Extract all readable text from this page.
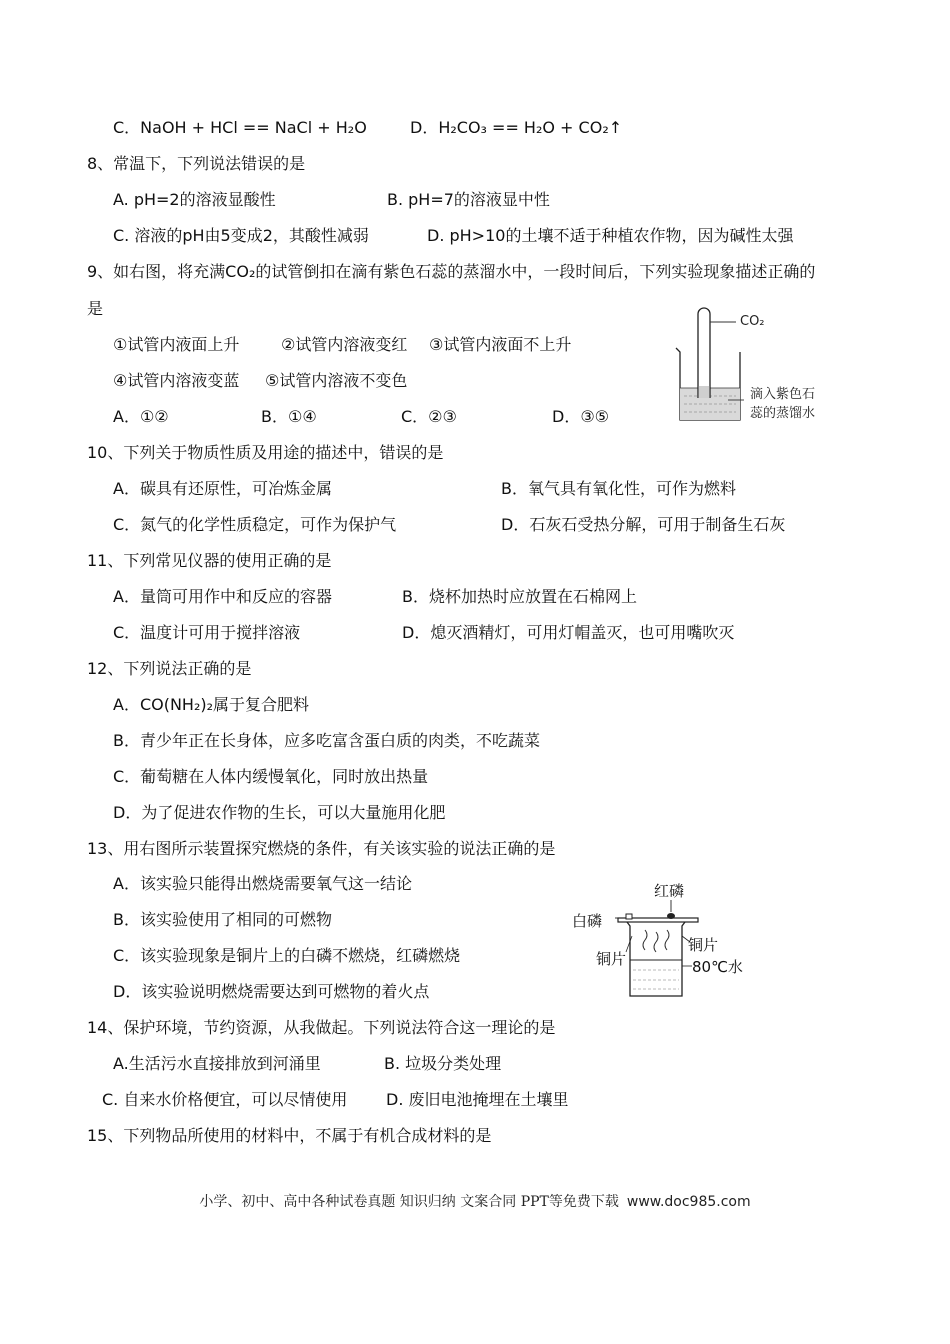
C．NaOH + HCl == NaCl + H₂O	D．H₂CO₃ == H₂O + CO₂↑
8、常温下，下列说法错误的是
A. pH=2的溶液显酸性	B. pH=7的溶液显中性
C. 溶液的pH由5变成2，其酸性减弱	D. pH>10的土壤不适于种植农作物，因为碱性太强
9、如右图，将充满CO₂的试管倒扣在滴有紫色石蕊的蒸溜水中，一段时间后，下列实验现象描述正确的
是
①试管内液面上升	②试管内溶液变红 ③试管内液面不上升
④试管内溶液变蓝 ⑤试管内溶液不变色
A．①②	B．①④	C．②③	D．③⑤
CO₂
滴入紫色石
蕊的蒸馏水
10、下列关于物质性质及用途的描述中，错误的是
A．碳具有还原性，可冶炼金属	B．氧气具有氧化性，可作为燃料
C．氮气的化学性质稳定，可作为保护气	D．石灰石受热分解，可用于制备生石灰
11、下列常见仪器的使用正确的是
A．量筒可用作中和反应的容器	B．烧杯加热时应放置在石棉网上
C．温度计可用于搅拌溶液	D．熄灭酒精灯，可用灯帽盖灭，也可用嘴吹灭
12、下列说法正确的是
A．CO(NH₂)₂属于复合肥料
B．青少年正在长身体，应多吃富含蛋白质的肉类，不吃蔬菜
C．葡萄糖在人体内缓慢氧化，同时放出热量
D．为了促进农作物的生长，可以大量施用化肥
13、用右图所示装置探究燃烧的条件，有关该实验的说法正确的是
A．该实验只能得出燃烧需要氧气这一结论
B．该实验使用了相同的可燃物
C．该实验现象是铜片上的白磷不燃烧，红磷燃烧
D．该实验说明燃烧需要达到可燃物的着火点
红磷
白磷
铜片
铜片
80℃水
14、保护环境，节约资源，从我做起。下列说法符合这一理论的是
A.生活污水直接排放到河涌里	B. 垃圾分类处理
C. 自来水价格便宜，可以尽情使用 D. 废旧电池掩埋在土壤里
15、下列物品所使用的材料中，不属于有机合成材料的是
小学、初中、高中各种试卷真题 知识归纳 文案合同 PPT等免费下载 www.doc985.com
